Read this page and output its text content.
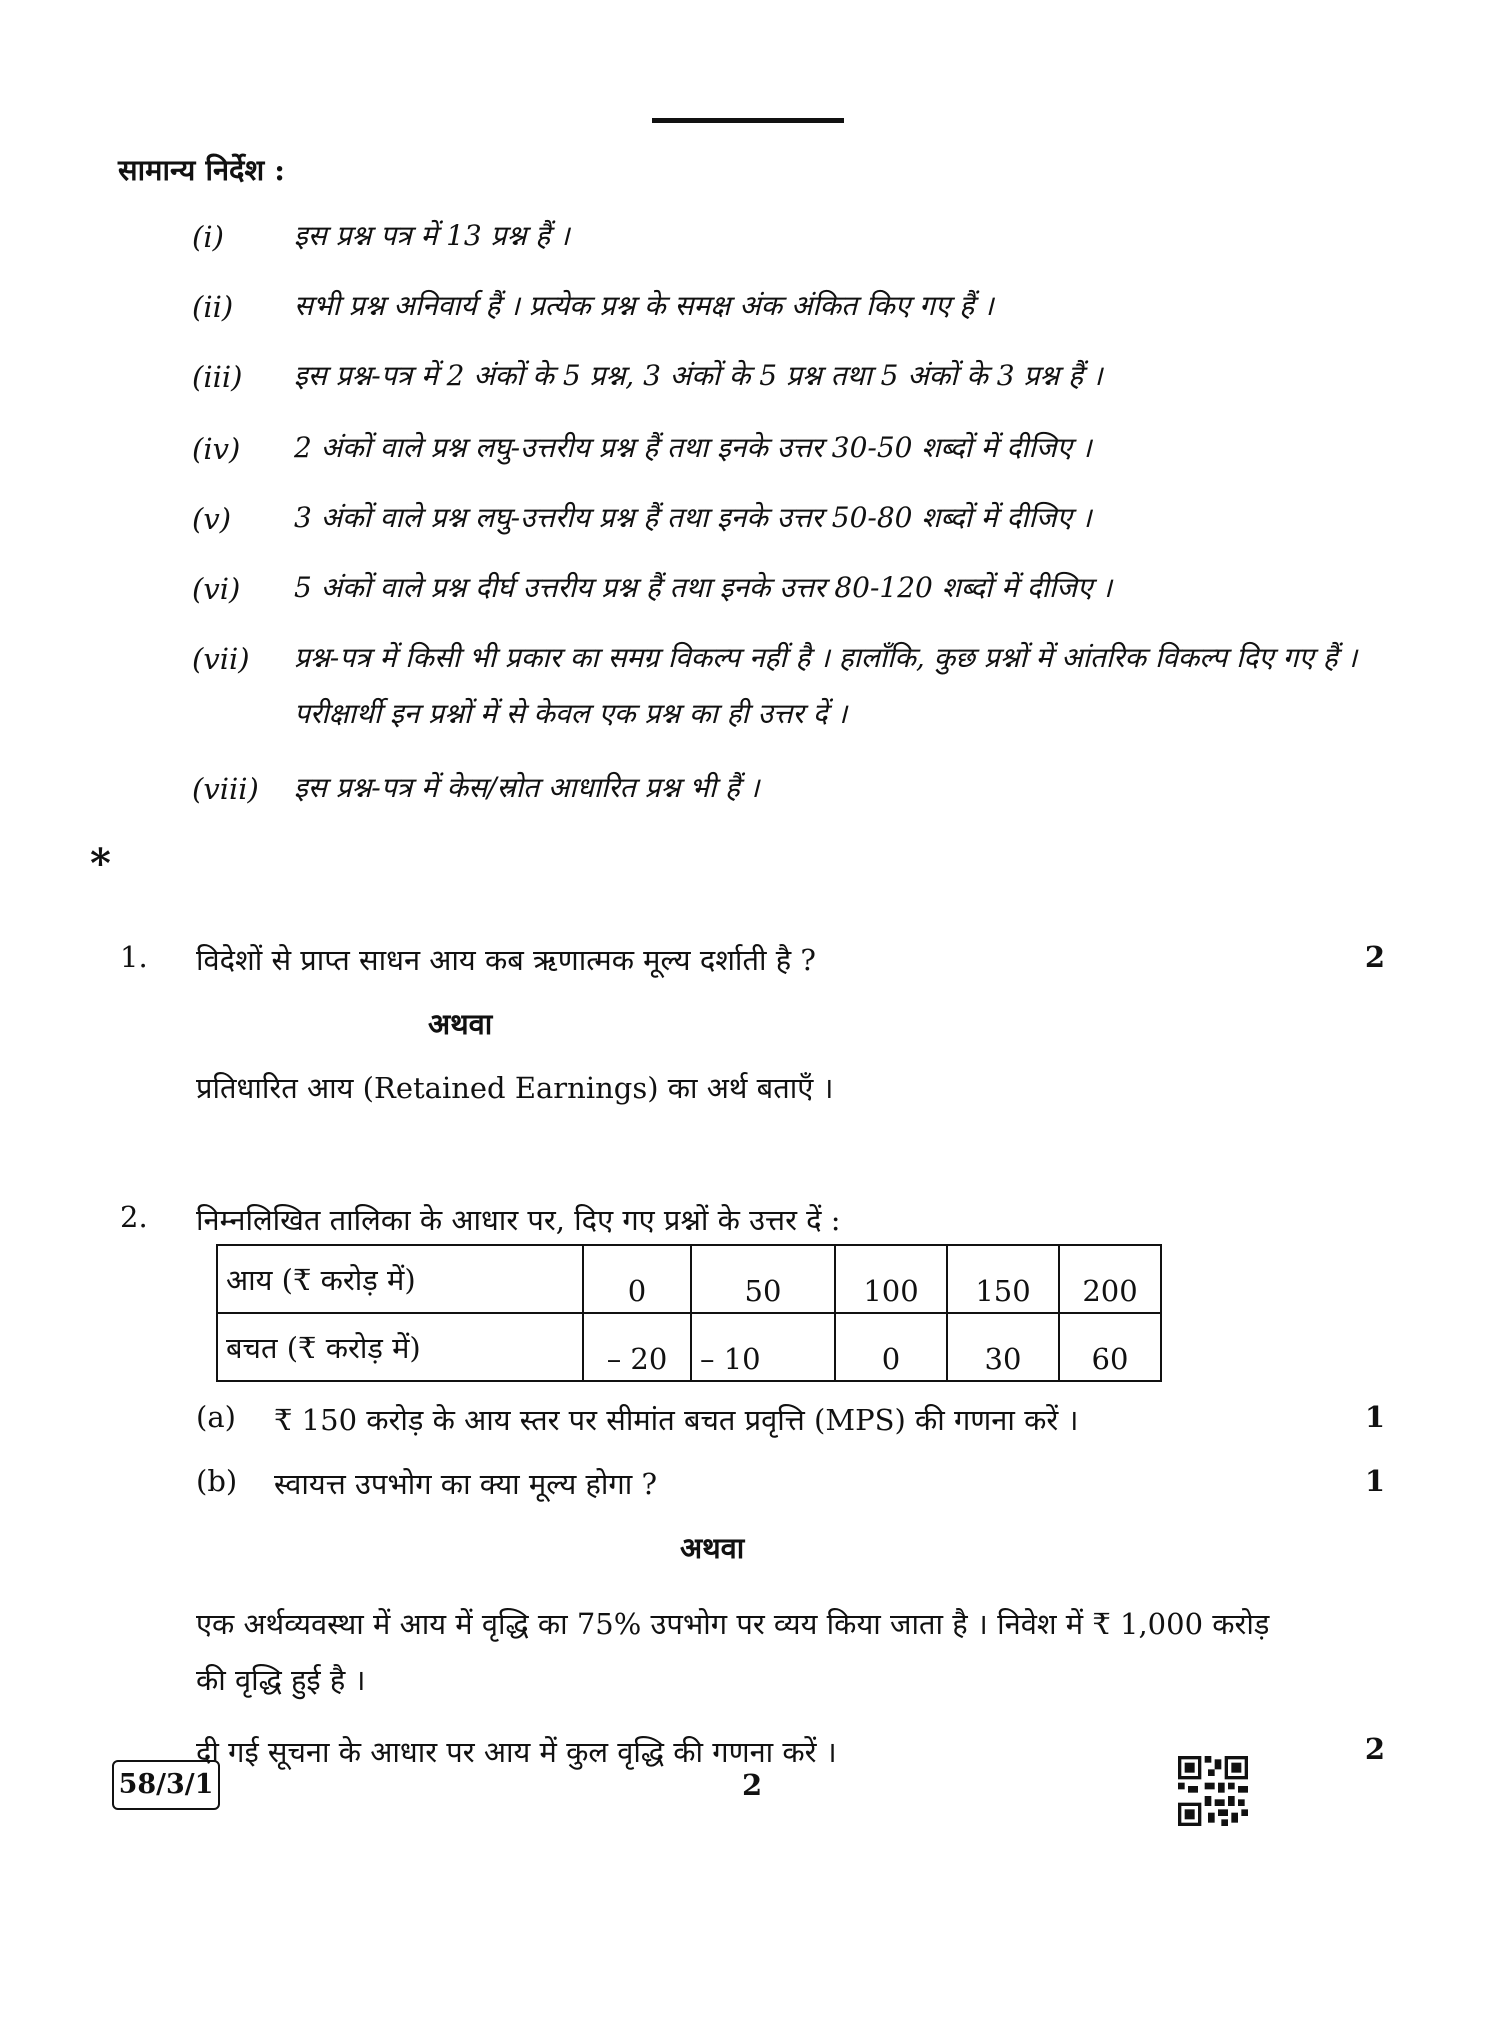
सामान्य निर्देश :
(i)	इस प्रश्न पत्र में 13 प्रश्न हैं ।
(ii) सभी प्रश्न अनिवार्य हैं । प्रत्येक प्रश्न के समक्ष अंक अंकित किए गए हैं ।
(iii) इस प्रश्न-पत्र में 2 अंकों के 5 प्रश्न, 3 अंकों के 5 प्रश्न तथा 5 अंकों के 3 प्रश्न हैं ।
(iv) 2 अंकों वाले प्रश्न लघु-उत्तरीय प्रश्न हैं तथा इनके उत्तर 30-50 शब्दों में दीजिए ।
(v) 3 अंकों वाले प्रश्न लघु-उत्तरीय प्रश्न हैं तथा इनके उत्तर 50-80 शब्दों में दीजिए ।
(vi) 5 अंकों वाले प्रश्न दीर्घ उत्तरीय प्रश्न हैं तथा इनके उत्तर 80-120 शब्दों में दीजिए ।
(vii) प्रश्न-पत्र में किसी भी प्रकार का समग्र विकल्प नहीं है । हालाँकि, कुछ प्रश्नों में आंतरिक विकल्प दिए गए हैं । परीक्षार्थी इन प्रश्नों में से केवल एक प्रश्न का ही उत्तर दें ।
(viii) इस प्रश्न-पत्र में केस/स्रोत आधारित प्रश्न भी हैं ।
*
1. विदेशों से प्राप्त साधन आय कब ऋणात्मक मूल्य दर्शाती है ?	2
अथवा
प्रतिधारित आय (Retained Earnings) का अर्थ बताएँ ।
2. निम्नलिखित तालिका के आधार पर, दिए गए प्रश्नों के उत्तर दें :
आय (₹ करोड़ में)	0	50	100	150	200
बचत (₹ करोड़ में)	– 20	– 10	0	30	60
(a) ₹ 150 करोड़ के आय स्तर पर सीमांत बचत प्रवृत्ति (MPS) की गणना करें ।	1
(b) स्वायत्त उपभोग का क्या मूल्य होगा ?	1
अथवा
एक अर्थव्यवस्था में आय में वृद्धि का 75% उपभोग पर व्यय किया जाता है । निवेश में ₹ 1,000 करोड़
की वृद्धि हुई है ।
दी गई सूचना के आधार पर आय में कुल वृद्धि की गणना करें ।	2
58/3/1	2
